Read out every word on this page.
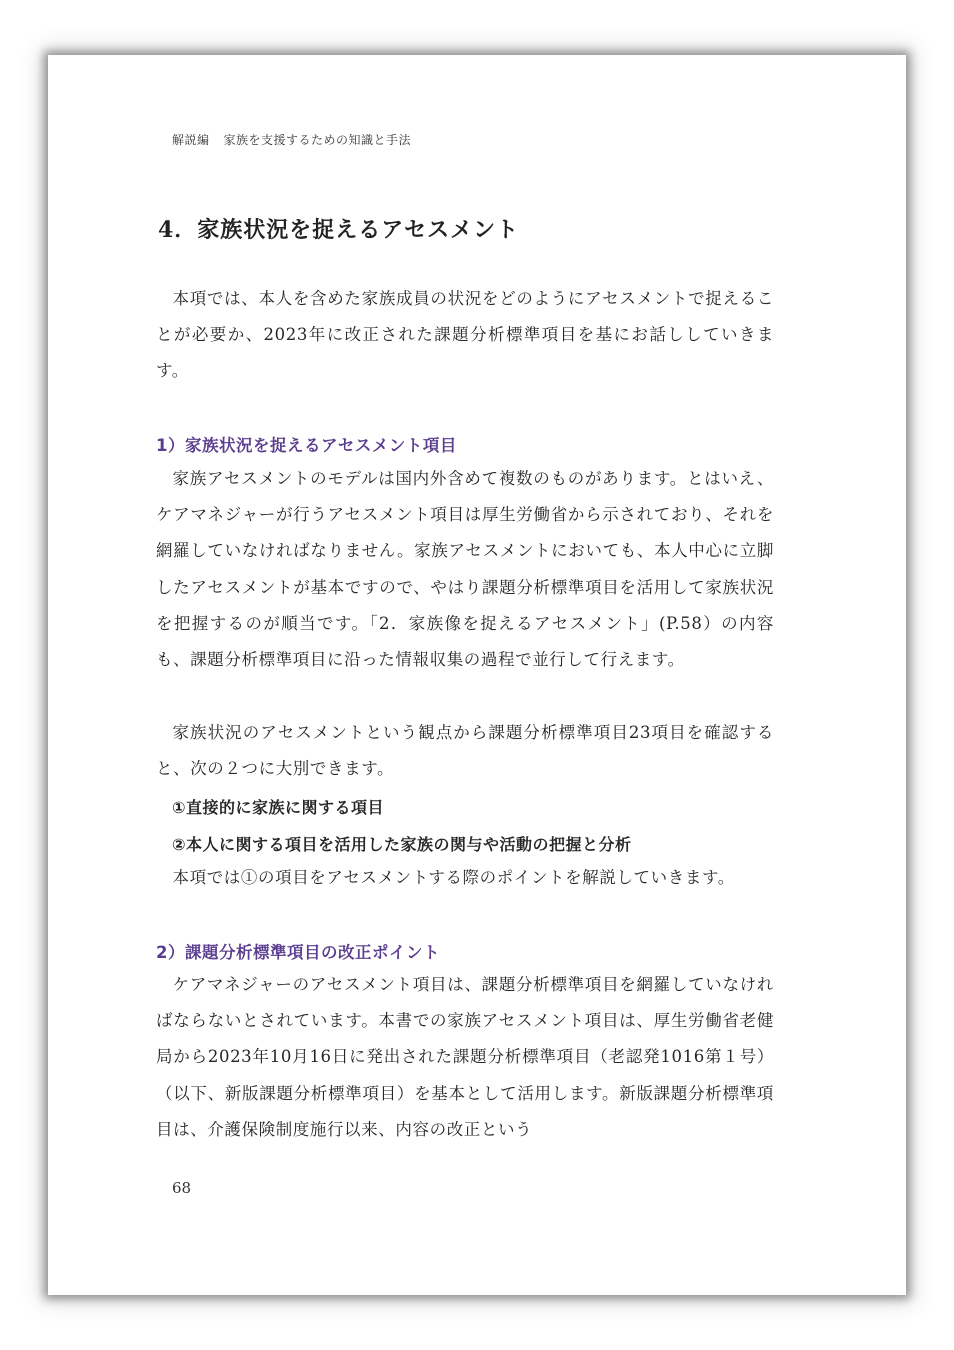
解説編 家族を支援するための知識と手法
4．家族状況を捉えるアセスメント
本項では、本人を含めた家族成員の状況をどのようにアセスメントで捉えることが必要か、2023年に改正された課題分析標準項目を基にお話ししていきます。
1）家族状況を捉えるアセスメント項目
家族アセスメントのモデルは国内外含めて複数のものがあります。とはいえ、ケアマネジャーが行うアセスメント項目は厚生労働省から示されており、それを網羅していなければなりません。家族アセスメントにおいても、本人中心に立脚したアセスメントが基本ですので、やはり課題分析標準項目を活用して家族状況を把握するのが順当です。「2．家族像を捉えるアセスメント」(P.58）の内容も、課題分析標準項目に沿った情報収集の過程で並行して行えます。
家族状況のアセスメントという観点から課題分析標準項目23項目を確認すると、次の２つに大別できます。
①直接的に家族に関する項目
②本人に関する項目を活用した家族の関与や活動の把握と分析
本項では①の項目をアセスメントする際のポイントを解説していきます。
2）課題分析標準項目の改正ポイント
ケアマネジャーのアセスメント項目は、課題分析標準項目を網羅していなければならないとされています。本書での家族アセスメント項目は、厚生労働省老健局から2023年10月16日に発出された課題分析標準項目（老認発1016第１号）（以下、新版課題分析標準項目）を基本として活用します。新版課題分析標準項目は、介護保険制度施行以来、内容の改正という
68
